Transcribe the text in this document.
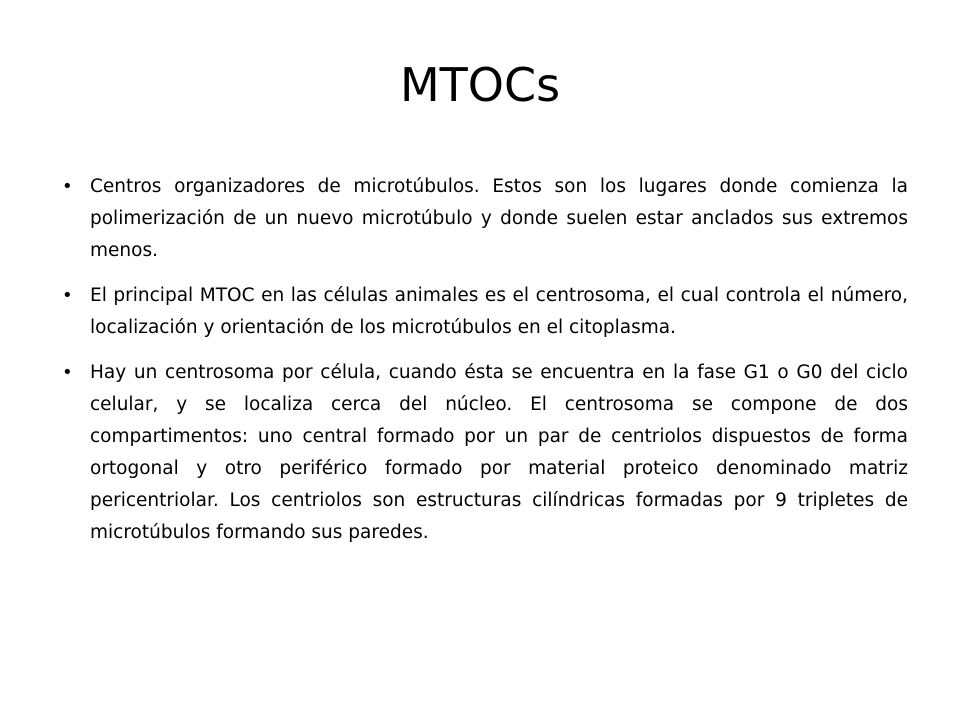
MTOCs
• Centros organizadores de microtúbulos. Estos son los lugares donde comienza la polimerización de un nuevo microtúbulo y donde suelen estar anclados sus extremos menos.
• El principal MTOC en las células animales es el centrosoma, el cual controla el número, localización y orientación de los microtúbulos en el citoplasma.
• Hay un centrosoma por célula, cuando ésta se encuentra en la fase G1 o G0 del ciclo celular, y se localiza cerca del núcleo. El centrosoma se compone de dos compartimentos: uno central formado por un par de centriolos dispuestos de forma ortogonal y otro periférico formado por material proteico denominado matriz pericentriolar. Los centriolos son estructuras cilíndricas formadas por 9 tripletes de microtúbulos formando sus paredes.
